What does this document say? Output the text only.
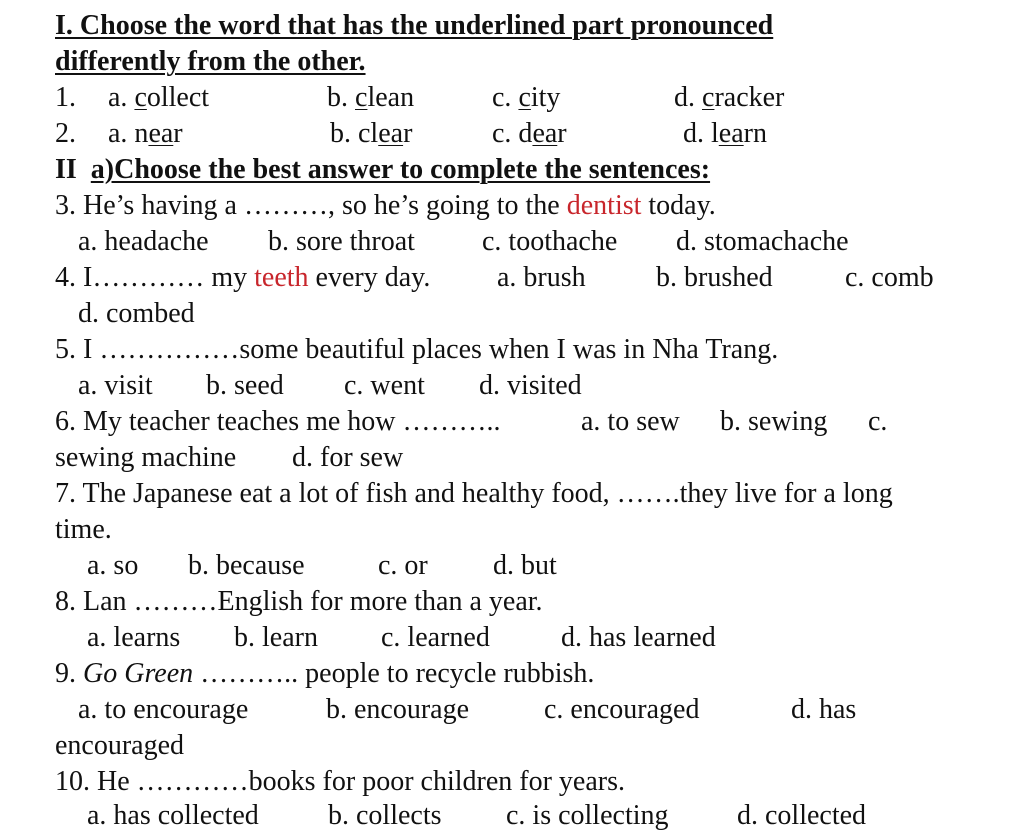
I. Choose the word that has the underlined part pronounced
differently from the other.
1. a. collect	b. clean	c. city	d. cracker
2. a. near	b. clear	c. dear	d. learn
II a)Choose the best answer to complete the sentences:
3. He’s having a ………, so he’s going to the dentist today.
a. headache b. sore throat c. toothache d. stomachache
4. I………… my teeth every day. a. brush	b. brushed	c. comb
d. combed
5. I ……………some beautiful places when I was in Nha Trang.
a. visit b. seed c. went d. visited
6. My teacher teaches me how ………..	a. to sew b. sewing c.
sewing machine d. for sew
7. The Japanese eat a lot of fish and healthy food, …….they live for a long
time.
a. so b. because	c. or d. but
8. Lan ………English for more than a year.
a. learns b. learn c. learned	d. has learned
9. Go Green ……….. people to recycle rubbish.
a. to encourage	b. encourage	c. encouraged	d. has
encouraged
10. He …………books for poor children for years.
a. has collected b. collects c. is collecting d. collected
